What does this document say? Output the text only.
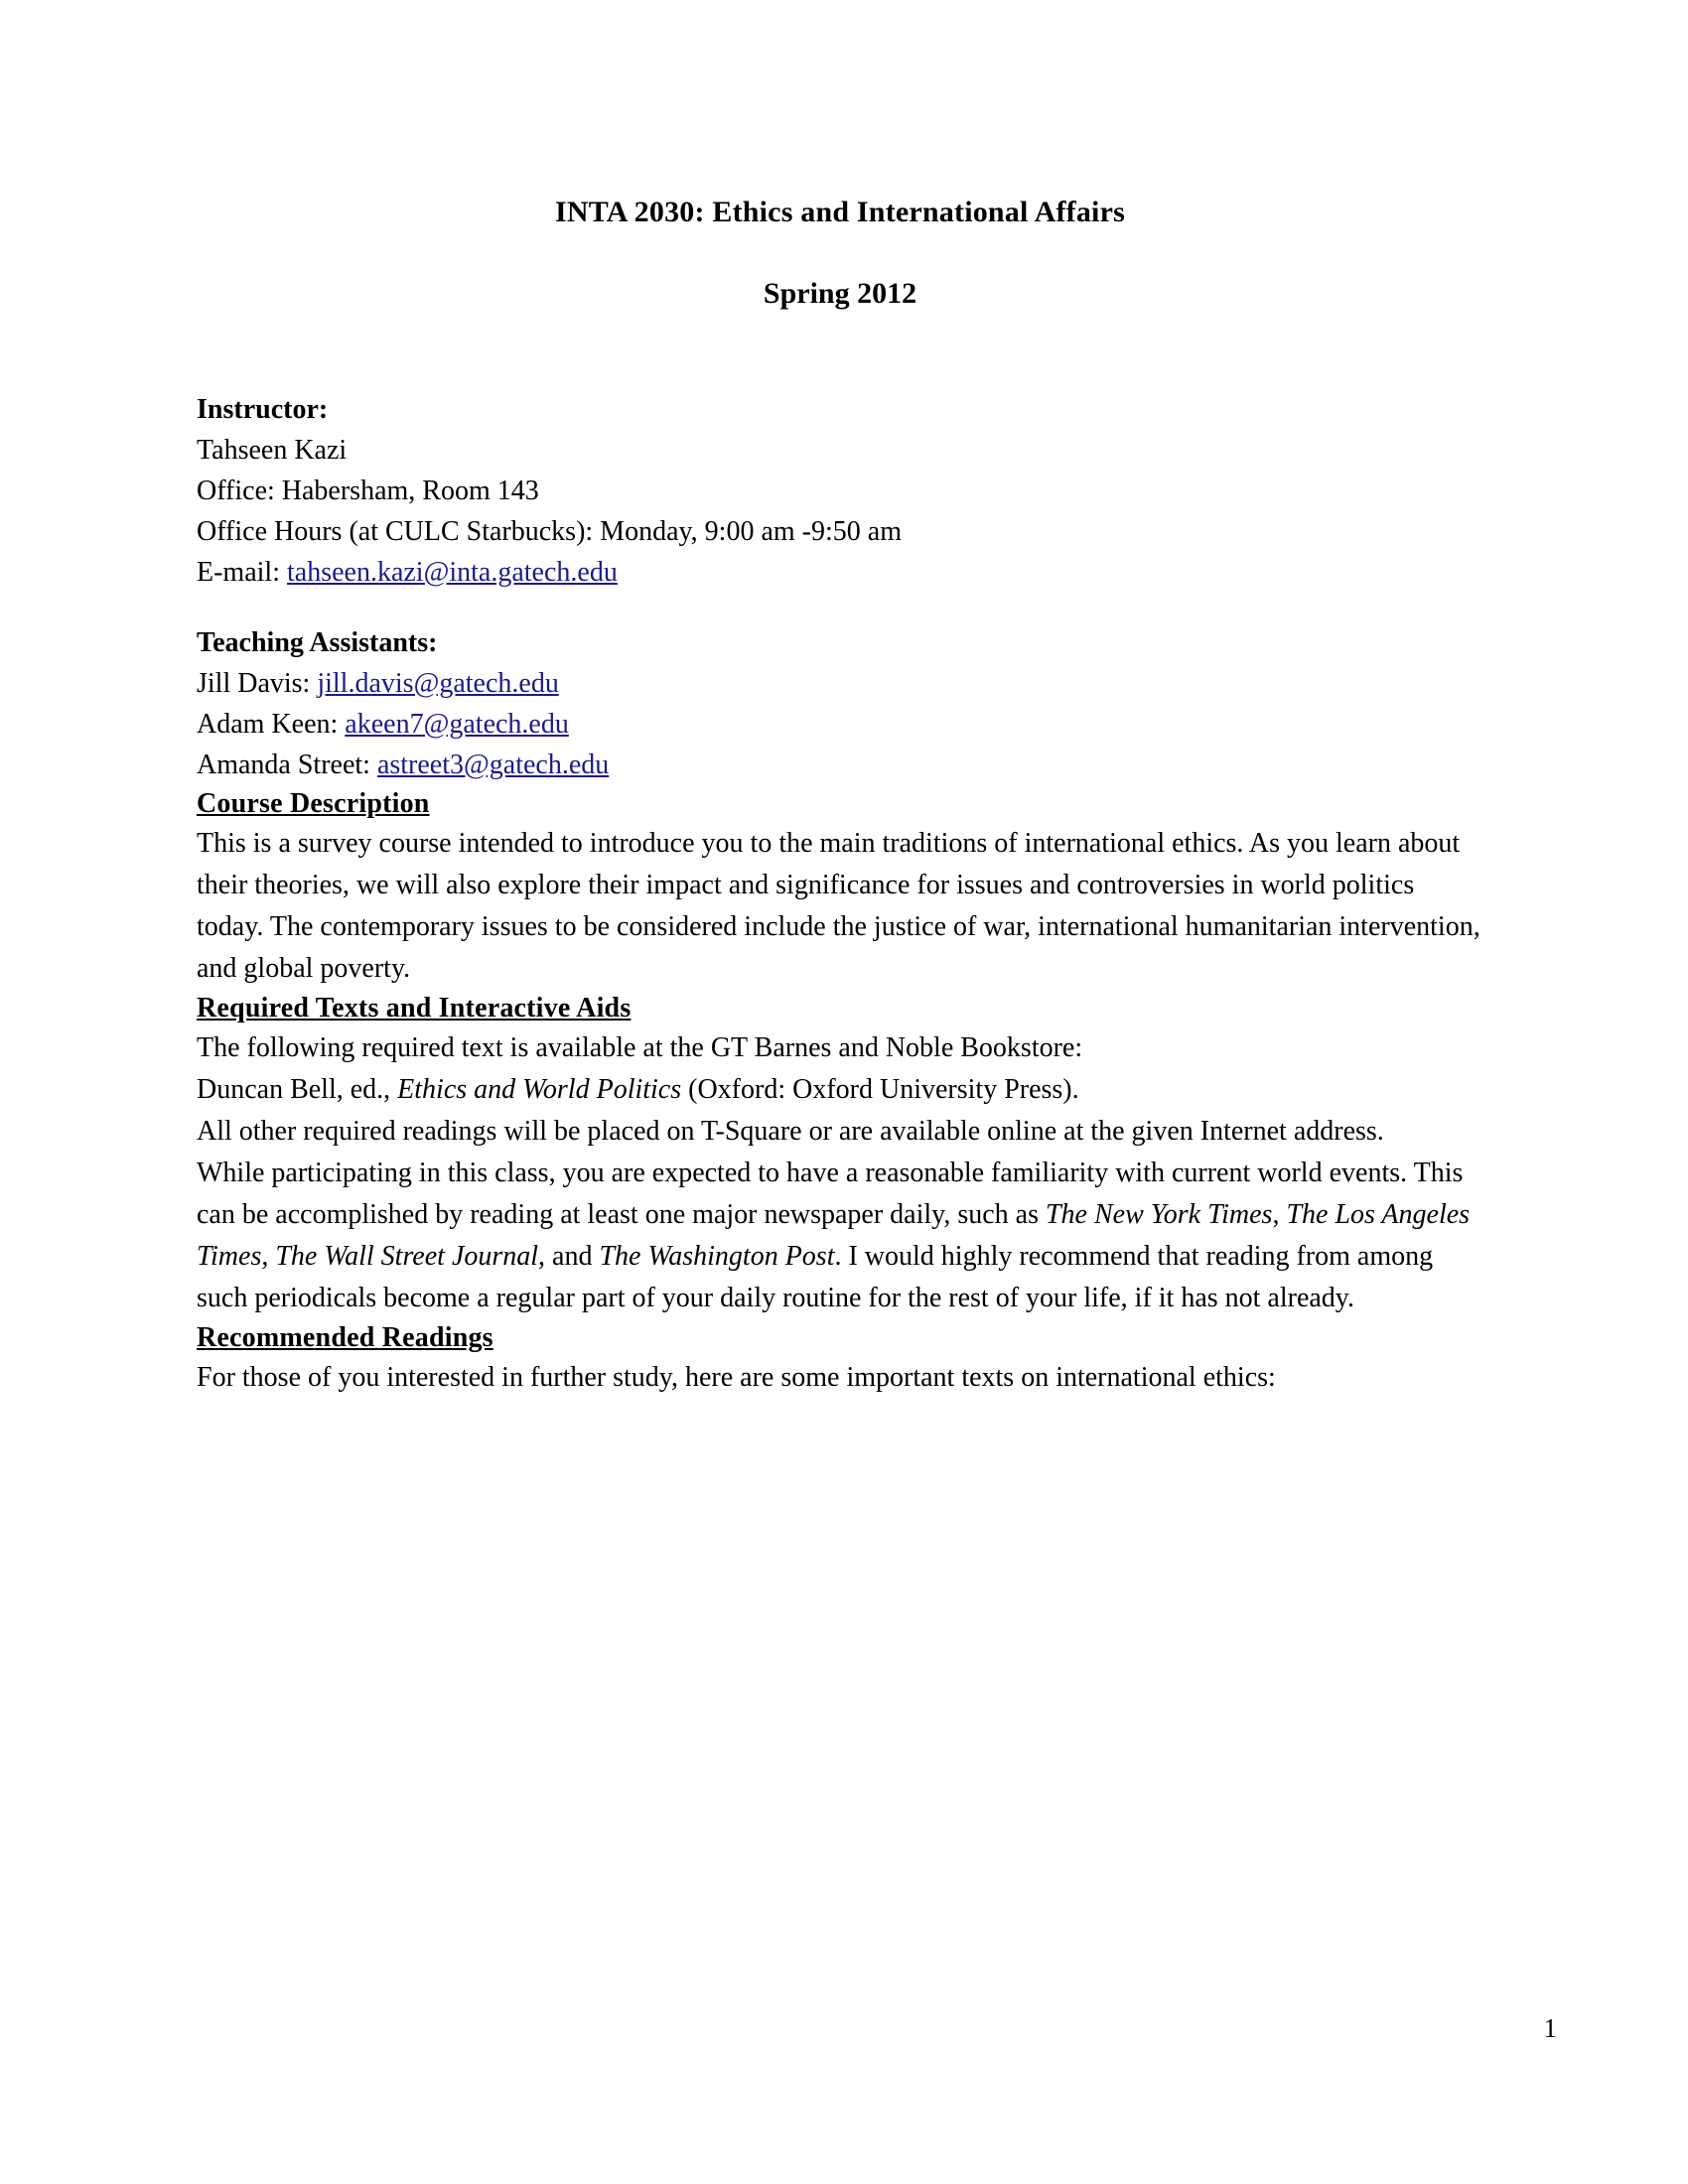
INTA 2030: Ethics and International Affairs
Spring 2012
Instructor:
Tahseen Kazi
Office: Habersham, Room 143
Office Hours (at CULC Starbucks): Monday, 9:00 am -9:50 am
E-mail: tahseen.kazi@inta.gatech.edu
Teaching Assistants:
Jill Davis: jill.davis@gatech.edu
Adam Keen: akeen7@gatech.edu
Amanda Street: astreet3@gatech.edu
Course Description

This is a survey course intended to introduce you to the main traditions of international ethics. As you learn about their theories, we will also explore their impact and significance for issues and controversies in world politics today. The contemporary issues to be considered include the justice of war, international humanitarian intervention, and global poverty.

Required Texts and Interactive Aids

The following required text is available at the GT Barnes and Noble Bookstore:

Duncan Bell, ed., Ethics and World Politics (Oxford: Oxford University Press).

All other required readings will be placed on T-Square or are available online at the given Internet address.

While participating in this class, you are expected to have a reasonable familiarity with current world events. This can be accomplished by reading at least one major newspaper daily, such as The New York Times, The Los Angeles Times, The Wall Street Journal, and The Washington Post. I would highly recommend that reading from among such periodicals become a regular part of your daily routine for the rest of your life, if it has not already.

Recommended Readings

For those of you interested in further study, here are some important texts on international ethics:

1
